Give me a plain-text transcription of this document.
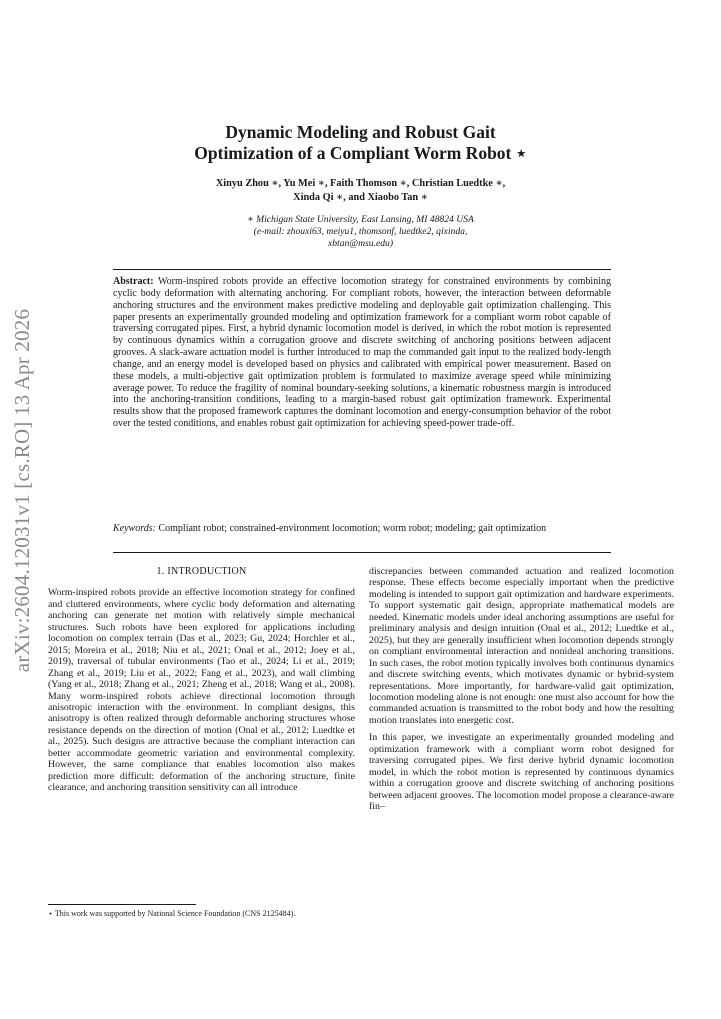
arXiv:2604.12031v1 [cs.RO] 13 Apr 2026
Dynamic Modeling and Robust Gait
Optimization of a Compliant Worm Robot ⋆
Xinyu Zhou ∗, Yu Mei ∗, Faith Thomson ∗, Christian Luedtke ∗,
Xinda Qi ∗, and Xiaobo Tan ∗
∗ Michigan State University, East Lansing, MI 48824 USA
(e-mail: zhouxi63, meiyu1, thomsonf, luedtke2, qixinda,
xbtan@msu.edu)
Abstract: Worm-inspired robots provide an effective locomotion strategy for constrained environments by combining cyclic body deformation with alternating anchoring. For compliant robots, however, the interaction between deformable anchoring structures and the environment makes predictive modeling and deployable gait optimization challenging. This paper presents an experimentally grounded modeling and optimization framework for a compliant worm robot capable of traversing corrugated pipes. First, a hybrid dynamic locomotion model is derived, in which the robot motion is represented by continuous dynamics within a corrugation groove and discrete switching of anchoring positions between adjacent grooves. A slack-aware actuation model is further introduced to map the commanded gait input to the realized body-length change, and an energy model is developed based on physics and calibrated with empirical power measurement. Based on these models, a multi-objective gait optimization problem is formulated to maximize average speed while minimizing average power. To reduce the fragility of nominal boundary-seeking solutions, a kinematic robustness margin is introduced into the anchoring-transition conditions, leading to a margin-based robust gait optimization framework. Experimental results show that the proposed framework captures the dominant locomotion and energy-consumption behavior of the robot over the tested conditions, and enables robust gait optimization for achieving speed-power trade-off.
Keywords: Compliant robot; constrained-environment locomotion; worm robot; modeling; gait optimization
1. INTRODUCTION

Worm-inspired robots provide an effective locomotion strategy for confined and cluttered environments, where cyclic body deformation and alternating anchoring can generate net motion with relatively simple mechanical structures. Such robots have been explored for applications including locomotion on complex terrain (Das et al., 2023; Gu, 2024; Horchler et al., 2015; Moreira et al., 2018; Niu et al., 2021; Onal et al., 2012; Joey et al., 2019), traversal of tubular environments (Tao et al., 2024; Li et al., 2019; Zhang et al., 2019; Liu et al., 2022; Fang et al., 2023), and wall climbing (Yang et al., 2018; Zhang et al., 2021; Zheng et al., 2018; Wang et al., 2008). Many worm-inspired robots achieve directional locomotion through anisotropic interaction with the environment. In compliant designs, this anisotropy is often realized through deformable anchoring structures whose resistance depends on the direction of motion (Onal et al., 2012; Luedtke et al., 2025). Such designs are attractive because the compliant interaction can better accommodate geometric variation and environmental complexity. However, the same compliance that enables locomotion also makes prediction more difficult: deformation of the anchoring structure, finite clearance, and anchoring transition sensitivity can all introduce

⋆ This work was supported by National Science Foundation (CNS 2125484).

discrepancies between commanded actuation and realized locomotion response. These effects become especially important when the predictive modeling is intended to support gait optimization and hardware experiments. To support systematic gait design, appropriate mathematical models are needed. Kinematic models under ideal anchoring assumptions are useful for preliminary analysis and design intuition (Onal et al., 2012; Luedtke et al., 2025), but they are generally insufficient when locomotion depends strongly on compliant environmental interaction and nonideal anchoring transitions. In such cases, the robot motion typically involves both continuous dynamics and discrete switching events, which motivates dynamic or hybrid-system representations. More importantly, for hardware-valid gait optimization, locomotion modeling alone is not enough: one must also account for how the commanded actuation is transmitted to the robot body and how the resulting motion translates into energetic cost.

In this paper, we investigate an experimentally grounded modeling and optimization framework with a compliant worm robot designed for traversing corrugated pipes. We first derive hybrid dynamic locomotion model, in which the robot motion is represented by continuous dynamics within a corrugation groove and discrete switching of anchoring positions between adjacent grooves. The locomotion model propose a clearance-aware fin–
